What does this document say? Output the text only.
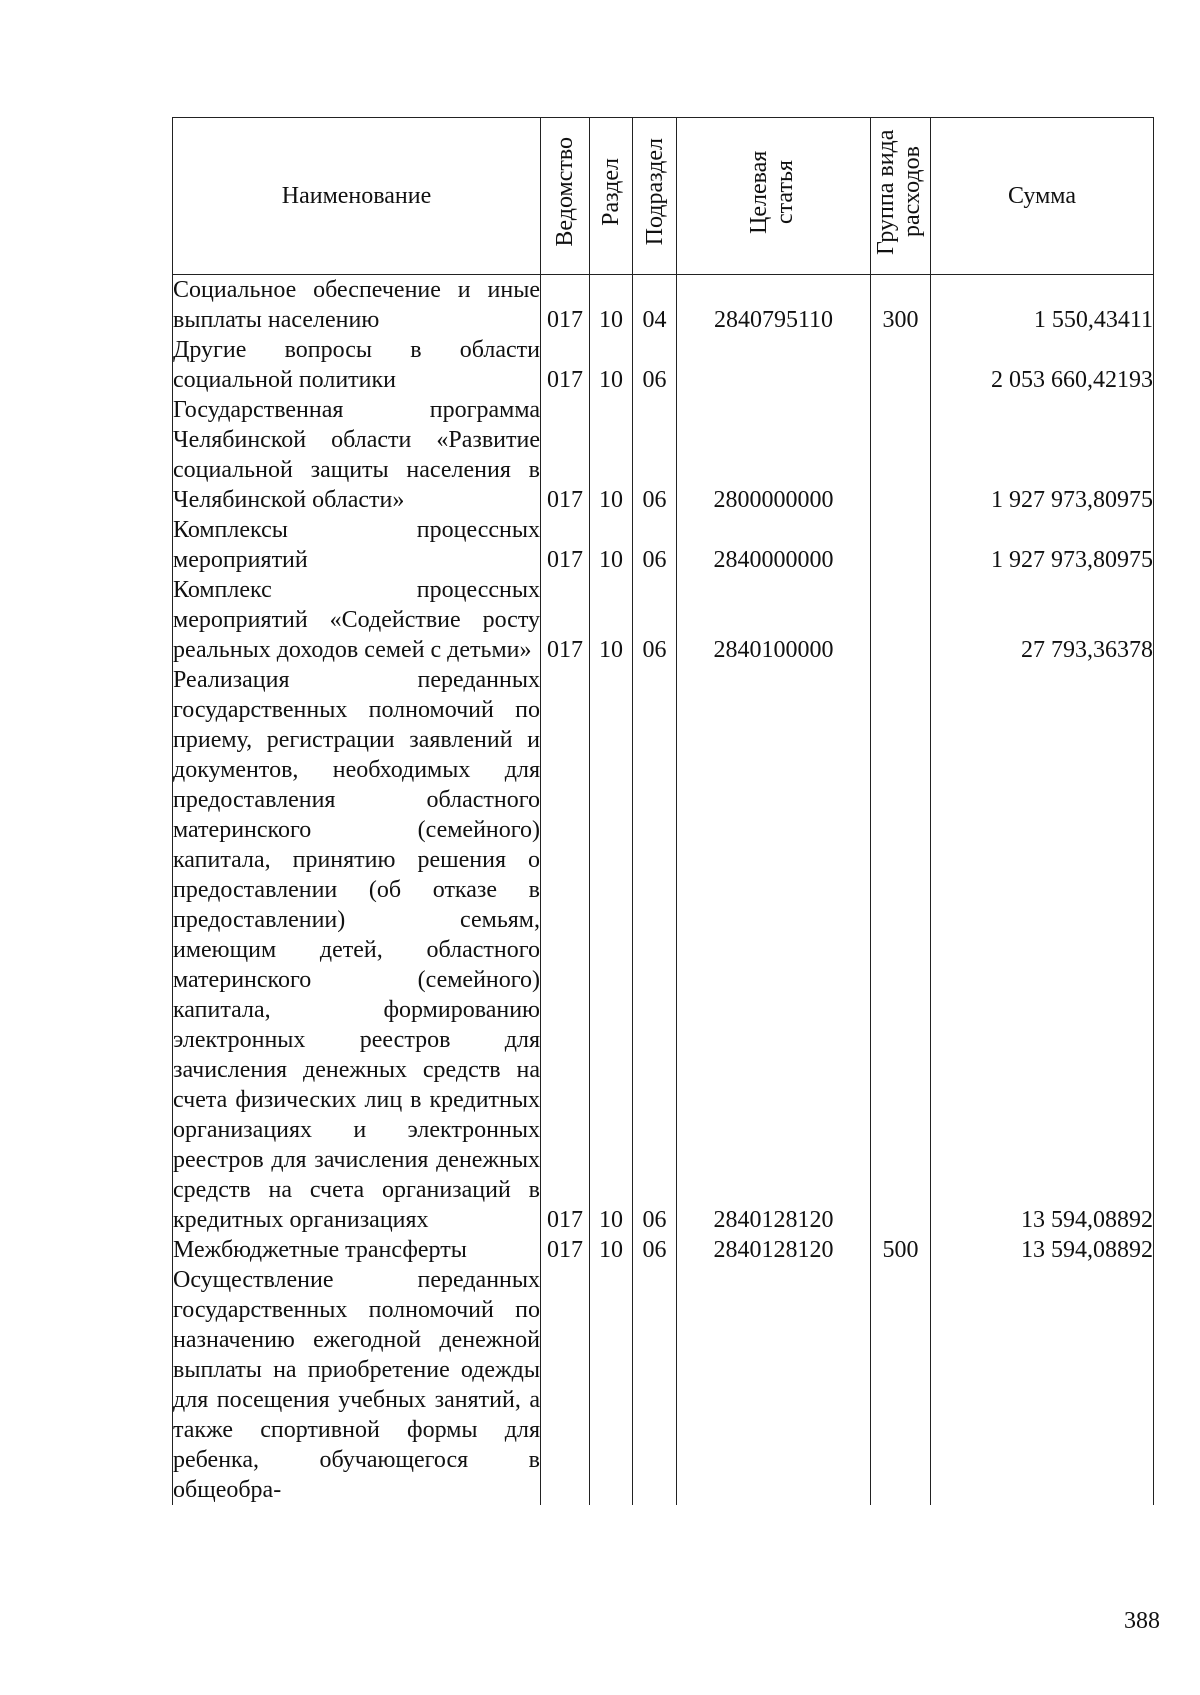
Наименование	Ведомство	Раздел	Подраздел	Целевая статья	Группа вида расходов	Сумма
Социальное обеспечение и иные выплаты населению	017	10	04	2840795110	300	1 550,43411
Другие вопросы в области социальной политики	017	10	06			2 053 660,42193
Государственная программа Челябинской области «Развитие социальной защиты населения в Челябинской области»	017	10	06	2800000000		1 927 973,80975
Комплексы процессных мероприятий	017	10	06	2840000000		1 927 973,80975
Комплекс процессных мероприятий «Содействие росту реальных доходов семей с детьми»	017	10	06	2840100000		27 793,36378
Реализация переданных государственных полномочий по приему, регистрации заявлений и документов, необходимых для предоставления областного материнского (семейного) капитала, принятию решения о предоставлении (об отказе в предоставлении) семьям, имеющим детей, областного материнского (семейного) капитала, формированию электронных реестров для зачисления денежных средств на счета физических лиц в кредитных организациях и электронных реестров для зачисления денежных средств на счета организаций в кредитных организациях	017	10	06	2840128120		13 594,08892
Межбюджетные трансферты	017	10	06	2840128120	500	13 594,08892
Осуществление переданных государственных полномочий по назначению ежегодной денежной выплаты на приобретение одежды для посещения учебных занятий, а также спортивной формы для ребенка, обучающегося в общеобра-						
388
